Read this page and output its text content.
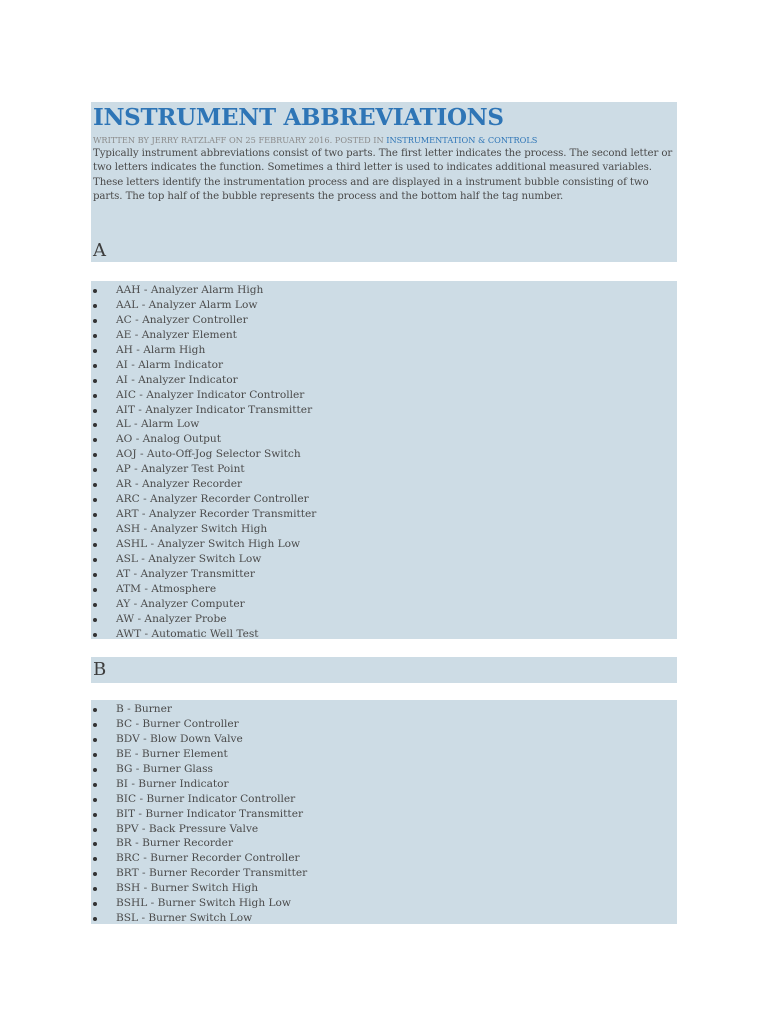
INSTRUMENT ABBREVIATIONS
WRITTEN BY JERRY RATZLAFF ON 25 FEBRUARY 2016. POSTED IN INSTRUMENTATION & CONTROLS
Typically instrument abbreviations consist of two parts. The first letter indicates the process. The second letter or two letters indicates the function. Sometimes a third letter is used to indicates additional measured variables. These letters identify the instrumentation process and are displayed in a instrument bubble consisting of two parts. The top half of the bubble represents the process and the bottom half the tag number.
A
AAH - Analyzer Alarm High
AAL - Analyzer Alarm Low
AC - Analyzer Controller
AE - Analyzer Element
AH - Alarm High
AI - Alarm Indicator
AI - Analyzer Indicator
AIC - Analyzer Indicator Controller
AIT - Analyzer Indicator Transmitter
AL - Alarm Low
AO - Analog Output
AOJ - Auto-Off-Jog Selector Switch
AP - Analyzer Test Point
AR - Analyzer Recorder
ARC - Analyzer Recorder Controller
ART - Analyzer Recorder Transmitter
ASH - Analyzer Switch High
ASHL - Analyzer Switch High Low
ASL - Analyzer Switch Low
AT - Analyzer Transmitter
ATM - Atmosphere
AY - Analyzer Computer
AW - Analyzer Probe
AWT - Automatic Well Test
B
B - Burner
BC - Burner Controller
BDV - Blow Down Valve
BE - Burner Element
BG - Burner Glass
BI - Burner Indicator
BIC - Burner Indicator Controller
BIT - Burner Indicator Transmitter
BPV - Back Pressure Valve
BR - Burner Recorder
BRC - Burner Recorder Controller
BRT - Burner Recorder Transmitter
BSH - Burner Switch High
BSHL - Burner Switch High Low
BSL - Burner Switch Low
